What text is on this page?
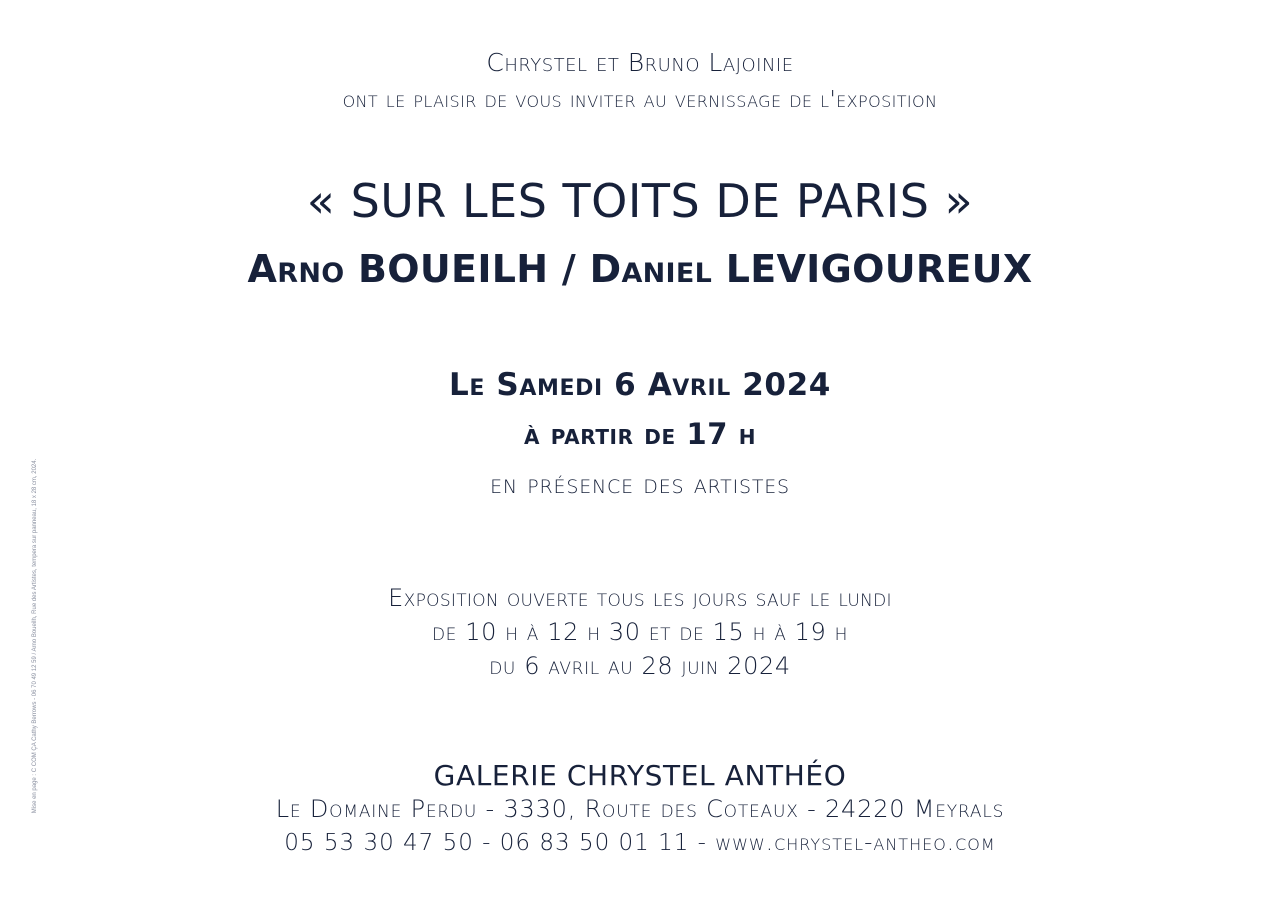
Chrystel et Bruno Lajoinie
ont le plaisir de vous inviter au vernissage de l'exposition
« SUR LES TOITS DE PARIS »
Arno BOUEILH / Daniel LEVIGOUREUX
Le Samedi 6 Avril 2024
à partir de 17 h
en présence des artistes
Exposition ouverte tous les jours sauf le lundi
de 10 h à 12 h 30 et de 15 h à 19 h
du 6 avril au 28 juin 2024
GALERIE CHRYSTEL ANTHÉO
Le Domaine Perdu - 3330, Route des Coteaux - 24220 Meyrals
05 53 30 47 50 - 06 83 50 01 11 - www.chrystel-antheo.com
Mise en page : C COM ÇA Cathy Berrows - 06 70 49 12 59 / Arno Boueilh, Rue des Artistes, tempera sur panneau, 18 x 28 cm, 2024.
